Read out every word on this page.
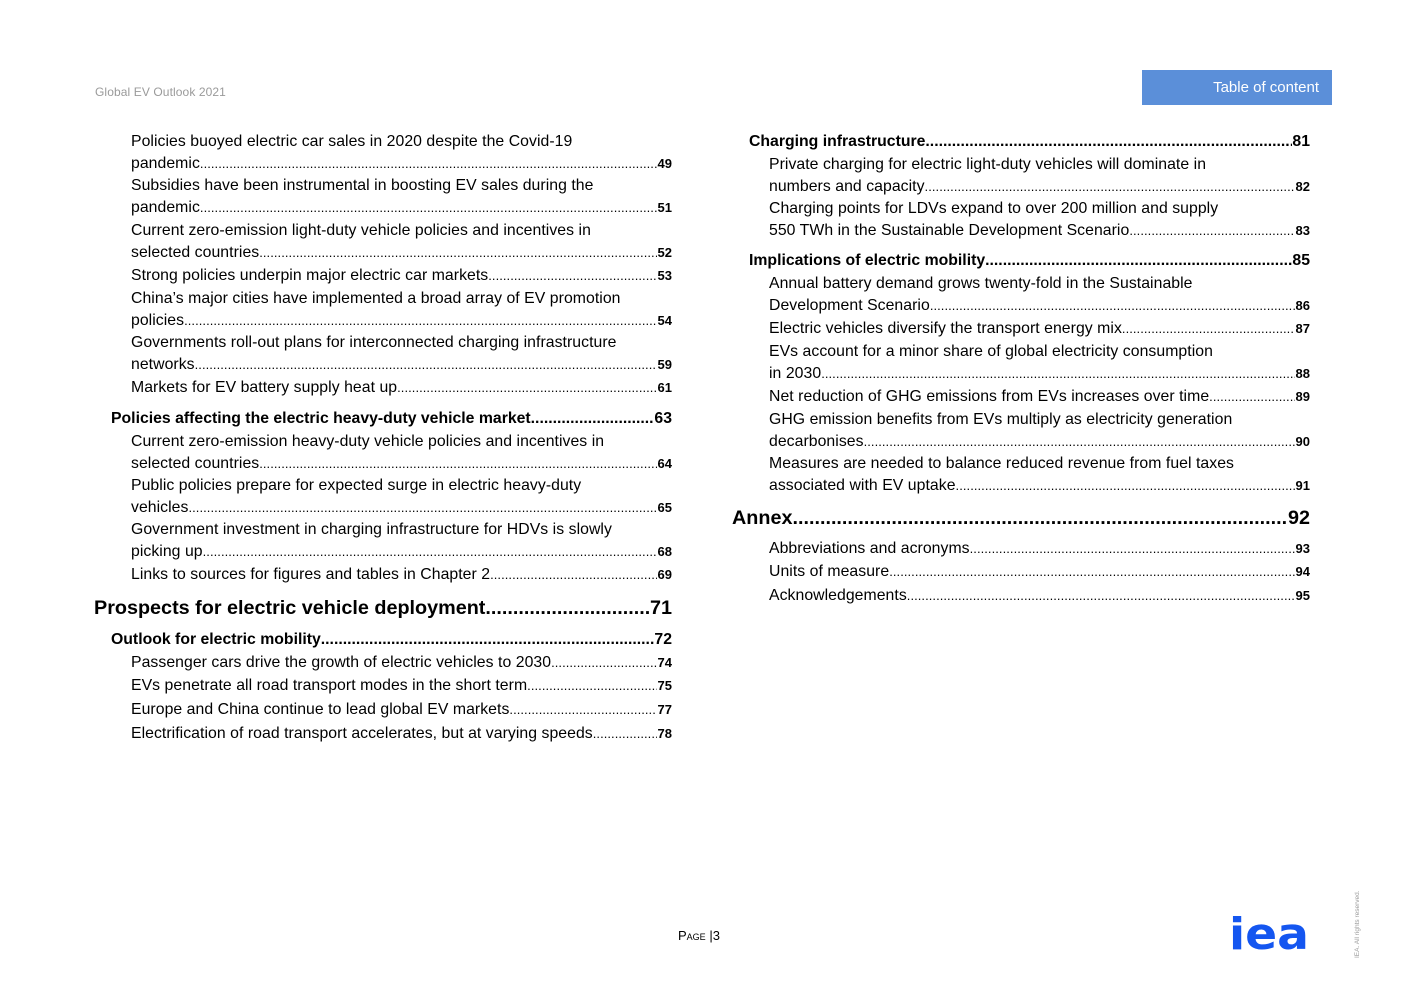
Global EV Outlook 2021	Table of content
Policies buoyed electric car sales in 2020 despite the Covid-19
pandemic .....	49
Subsidies have been instrumental in boosting EV sales during the
pandemic .....	51
Current zero-emission light-duty vehicle policies and incentives in
selected countries .....	52
Strong policies underpin major electric car markets .....	53
China’s major cities have implemented a broad array of EV promotion
policies .....	54
Governments roll-out plans for interconnected charging infrastructure
networks .....	59
Markets for EV battery supply heat up .....	61
Policies affecting the electric heavy-duty vehicle market .....	63
Current zero-emission heavy-duty vehicle policies and incentives in
selected countries .....	64
Public policies prepare for expected surge in electric heavy-duty
vehicles .....	65
Government investment in charging infrastructure for HDVs is slowly
picking up .....	68
Links to sources for figures and tables in Chapter 2 .....	69
Prospects for electric vehicle deployment .....	71
Outlook for electric mobility .....	72
Passenger cars drive the growth of electric vehicles to 2030 .....	74
EVs penetrate all road transport modes in the short term .....	75
Europe and China continue to lead global EV markets .....	77
Electrification of road transport accelerates, but at varying speeds .....	78
Charging infrastructure .....	81
Private charging for electric light-duty vehicles will dominate in
numbers and capacity .....	82
Charging points for LDVs expand to over 200 million and supply
550 TWh in the Sustainable Development Scenario .....	83
Implications of electric mobility .....	85
Annual battery demand grows twenty-fold in the Sustainable
Development Scenario .....	86
Electric vehicles diversify the transport energy mix .....	87
EVs account for a minor share of global electricity consumption
in 2030 .....	88
Net reduction of GHG emissions from EVs increases over time .....	89
GHG emission benefits from EVs multiply as electricity generation
decarbonises .....	90
Measures are needed to balance reduced revenue from fuel taxes
associated with EV uptake .....	91
Annex .....	92
Abbreviations and acronyms .....	93
Units of measure .....	94
Acknowledgements .....	95
Page |3	iea	IEA. All rights reserved.
